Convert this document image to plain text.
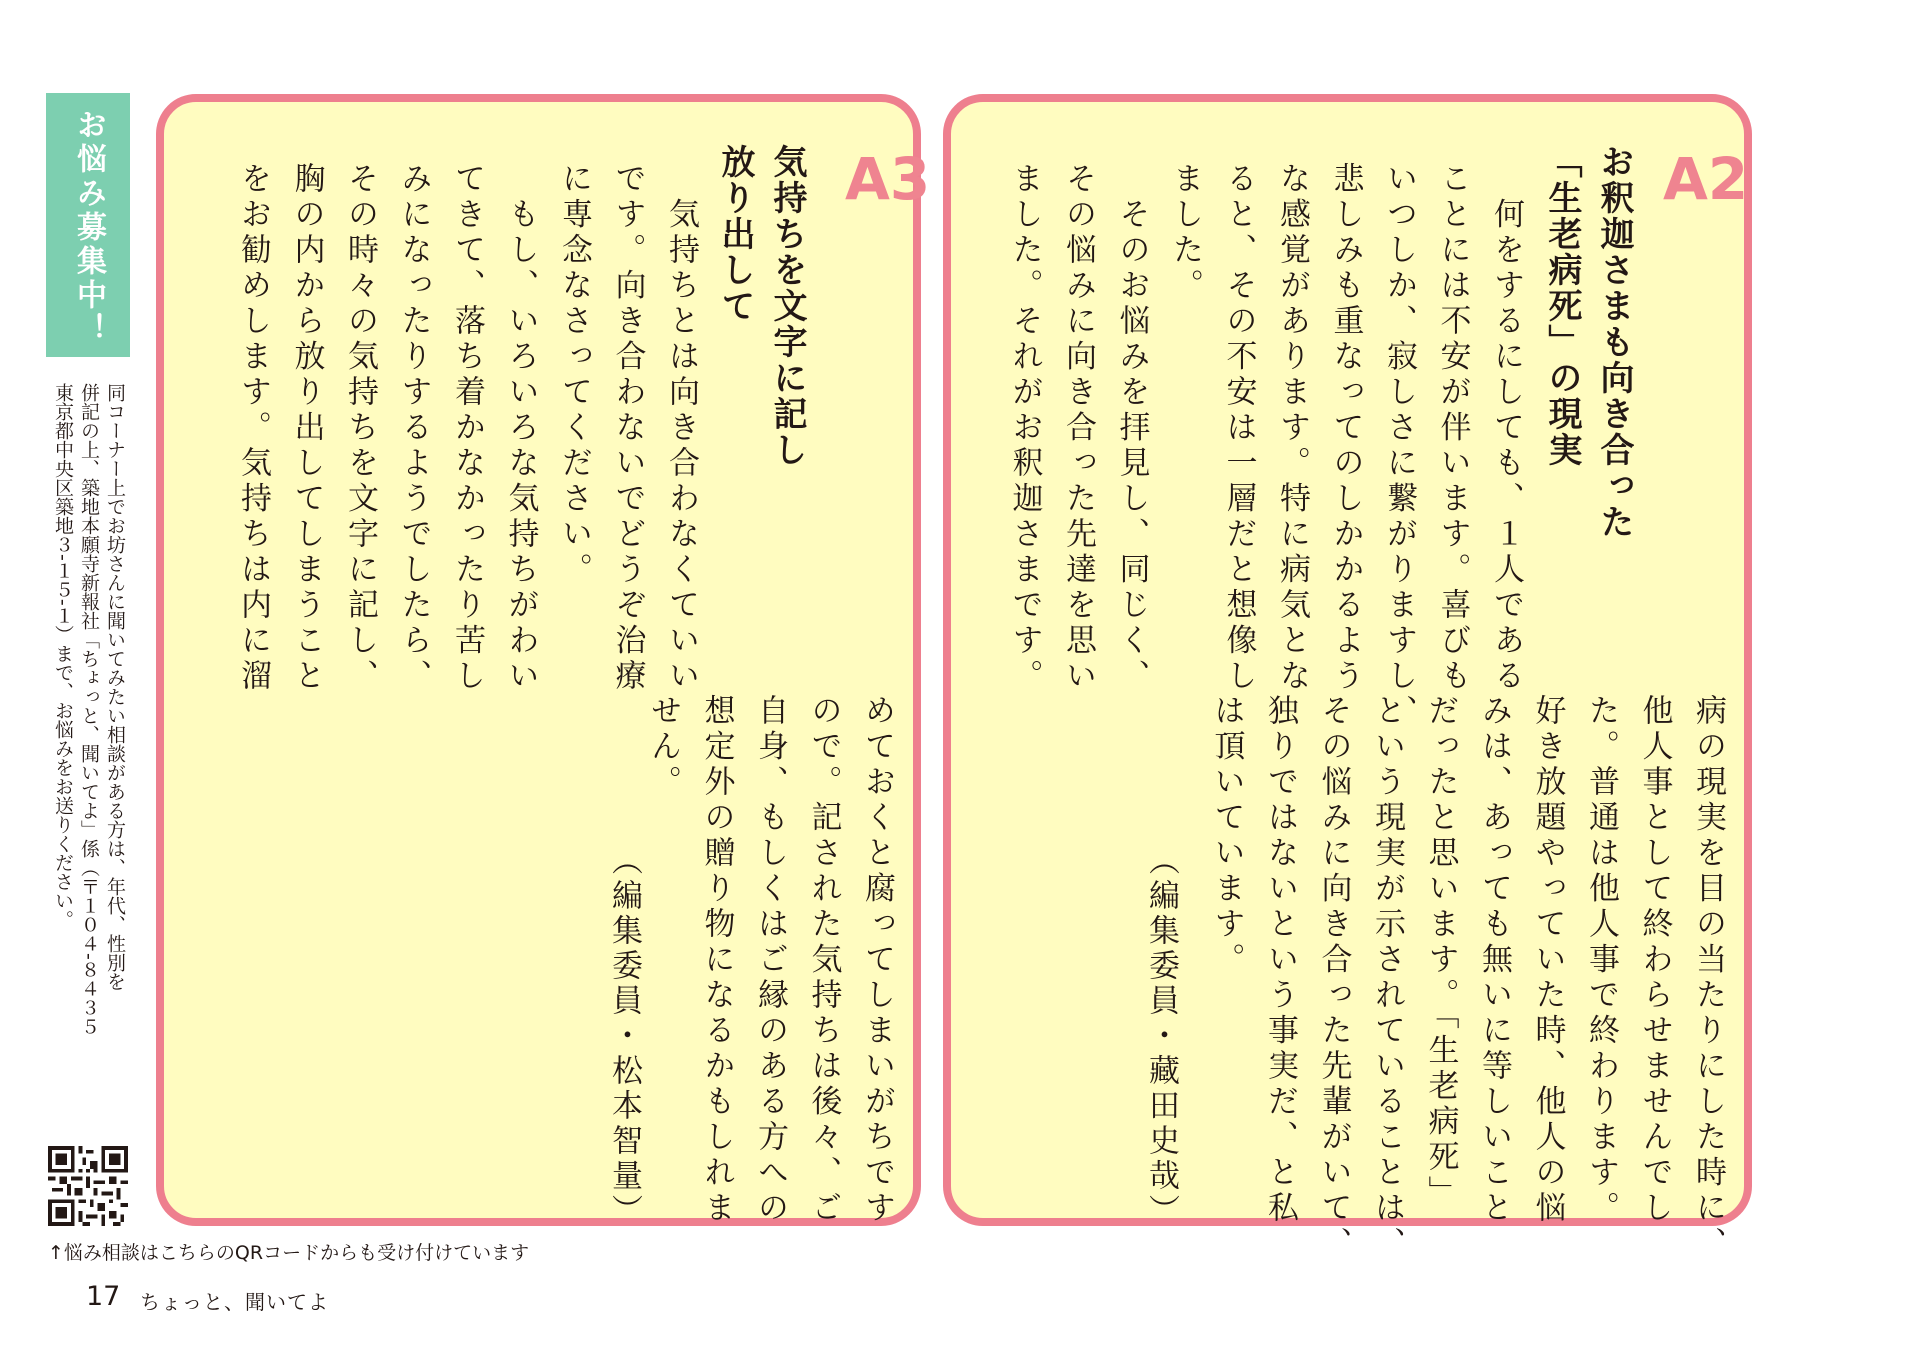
A2
お釈迦さまも向き合った
「生老病死」の現実
　何をするにしても、１人である
ことには不安が伴います。喜びも
いつしか、寂しさに繋がりますし、
悲しみも重なってのしかかるよう
な感覚があります。特に病気とな
ると、その不安は一層だと想像し
ました。
　そのお悩みを拝見し、同じく、
その悩みに向き合った先達を思い
ました。それがお釈迦さまです。
病の現実を目の当たりにした時に、
他人事として終わらせませんでし
た。普通は他人事で終わります。
好き放題やっていた時、他人の悩
みは、あっても無いに等しいこと
だったと思います。「生老病死」
という現実が示されていることは、
その悩みに向き合った先輩がいて、
独りではないという事実だ、と私
は頂いています。
（編集委員・藏田史哉）
A3
気持ちを文字に記し
放り出して
　気持ちとは向き合わなくていい
です。向き合わないでどうぞ治療
に専念なさってください。
　もし、いろいろな気持ちがわい
てきて、落ち着かなかったり苦し
みになったりするようでしたら、
その時々の気持ちを文字に記し、
胸の内から放り出してしまうこと
をお勧めします。気持ちは内に溜
めておくと腐ってしまいがちです
ので。記された気持ちは後々、ご
自身、もしくはご縁のある方への
想定外の贈り物になるかもしれま
せん。
（編集委員・松本智量）
お悩み募集中！
同コーナー上でお坊さんに聞いてみたい相談がある方は、年代、性別を
併記の上、築地本願寺新報社「ちょっと、聞いてよ」係（〒１０４‐８４３５
東京都中央区築地３‐１５‐１）まで、お悩みをお送りください。
↑悩み相談はこちらのQRコードからも受け付けています
17 ちょっと、聞いてよ
